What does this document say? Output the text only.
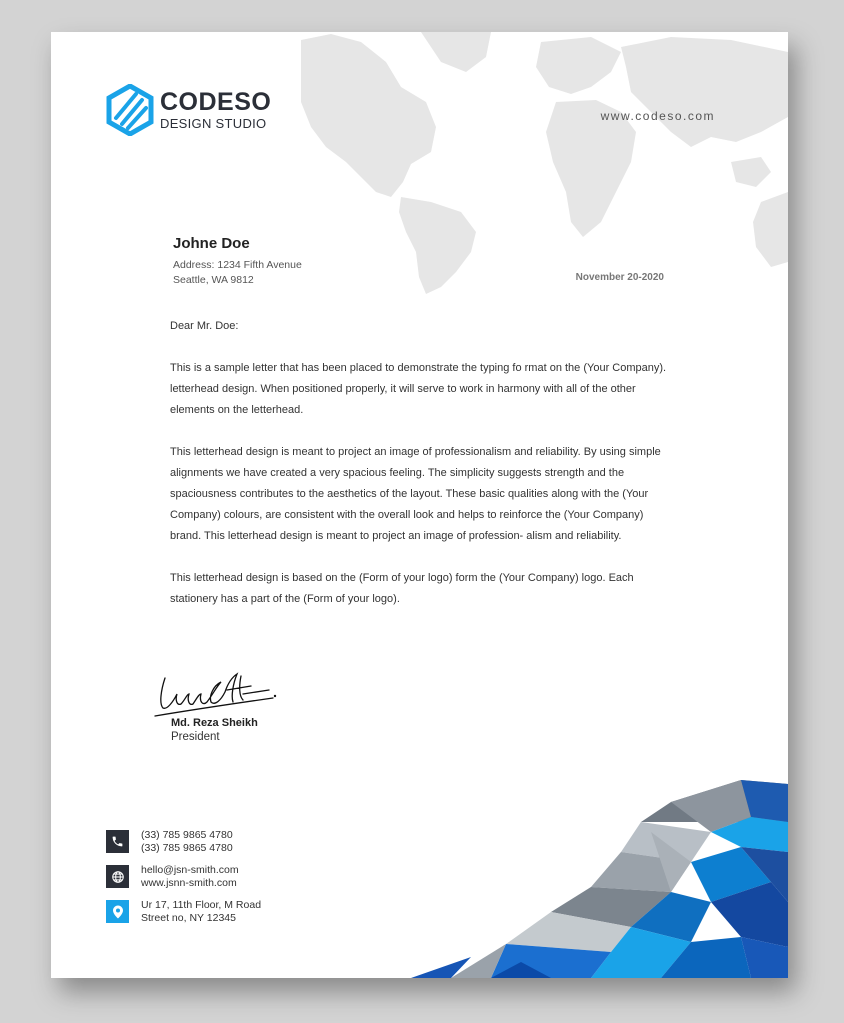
CODESO
DESIGN STUDIO	www.codeso.com
Johne Doe
Address: 1234 Fifth Avenue
Seattle, WA 9812	November 20-2020

Dear Mr. Doe:

This is a sample letter that has been placed to demonstrate the typing fo rmat on the (Your Company). letterhead design. When positioned properly, it will serve to work in harmony with all of the other elements on the letterhead.

This letterhead design is meant to project an image of professionalism and reliability. By using simple alignments we have created a very spacious feeling. The simplicity suggests strength and the spaciousness contributes to the aesthetics of the layout. These basic qualities along with the (Your Company) colours, are consistent with the overall look and helps to reinforce the (Your Company) brand. This letterhead design is meant to project an image of profession- alism and reliability.

This letterhead design is based on the (Form of your logo) form the (Your Company) logo. Each stationery has a part of the (Form of your logo).

Md. Reza Sheikh
President
(33) 785 9865 4780
(33) 785 9865 4780
hello@jsn-smith.com
www.jsnn-smith.com
Ur 17, 11th Floor, M Road
Street no, NY 12345
